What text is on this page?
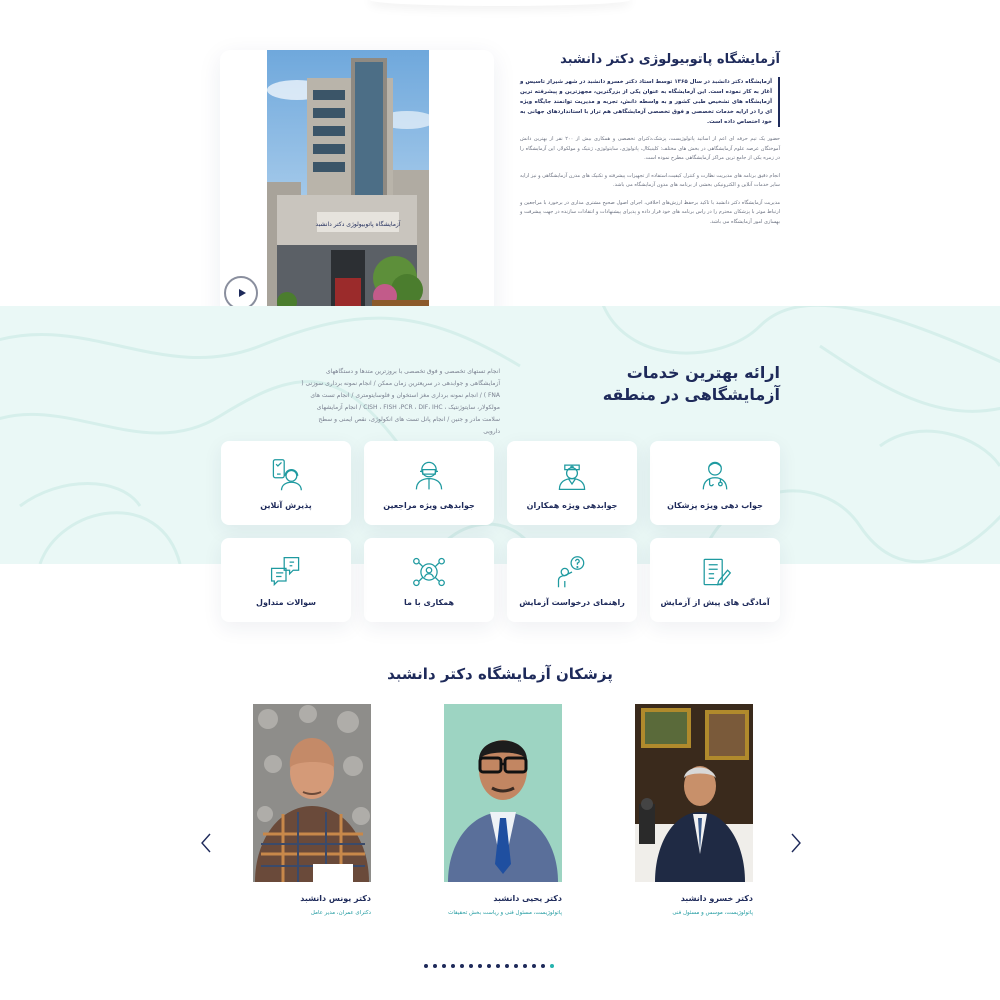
آزمایشگاه پاتوبیولوژی دکتر دانشبد
آزمایشگاه پاتوبیولوژی دکتر دانشبد
آزمایشگاه دکتر دانشبد در سال ۱۳۶۵ توسط استاد دکتر خسرو دانشبد در شهر شیراز تاسیس و آغاز به کار نموده است. این آزمایشگاه به عنوان یکی از بزرگترین، مجهزترین و پیشرفته ترین آزمایشگاه های تشخیص طبی کشور و به واسطه دانش، تجربه و مدیریت توانمند جایگاه ویژه ای را در ارایه خدمات تخصصی و فوق تخصصی آزمایشگاهی هم تراز با استانداردهای جهانی به خود اختصاص داده است.
حضور یک تیم حرفه ای اعم از اساتید پاتولوژیست، پزشک،دکترای تخصصی و همکاری بیش از ۲۰۰ نفر از بهترین دانش آموختگان عرصه علوم آزمایشگاهی در بخش های مختلف: کلینیکال، پاتولوژی، سایتولوژی، ژنتیک و مولکولار، این آزمایشگاه را در زمره یکی از جامع ترین مراکز آزمایشگاهی مطرح نموده است.
انجام دقیق برنامه های مدیریت نظارت و کنترل کیفیت،استفاده از تجهیزات پیشرفته و تکنیک های مدرن آزمایشگاهی و نیز ارایه سایر خدمات آنلاین و الکترونیکی بخشی از برنامه های مدون آزمایشگاه می باشد.
مدیریت آزمایشگاه دکتر دانشبد با تاکید برحفظ ارزش‌های اخلاقی، اجرای اصول صحیح مشتری مداری در برخورد با مراجعین و ارتباط موثر با پزشکان محترم را در راس برنامه های خود قرار داده و پذیرای پیشنهادات و انتقادات سازنده در جهت پیشرفت و بهسازی امور آزمایشگاه می باشد.
ارائه بهترین خدمات آزمایشگاهی در منطقه
انجام تستهای تخصصی و فوق تخصصی با بروزترین متدها و دستگاههای آزمایشگاهی و جوابدهی در سریعترین زمان ممکن / انجام نمونه برداری سوزنی ( FNA ) / انجام نمونه برداری مغز استخوان و فلوسایتومتری / انجام تست های مولکولار، سایتوژنتیک ، CISH ، FISH ،PCR ، DIF، IHC / انجام آزمایشهای سلامت مادر و جنین / انجام پانل تست های انکولوژی، نقص ایمنی و سطح دارویی
جواب دهی ویژه پزشکان
جوابدهی ویژه همکاران
جوابدهی ویژه مراجعین
پذیرش آنلاین
آمادگی های پیش از آزمایش
راهنمای درخواست آزمایش
همکاری با ما
سوالات متداول
پزشکان آزمایشگاه دکتر دانشبد
دکتر خسرو دانشبد
پاتولوژیست، موسس و مسئول فنی
دکتر یحیی دانشبد
پاتولوژیست، مسئول فنی و ریاست بخش تحقیقات
دکتر یونس دانشبد
دکترای عمران، مدیر عامل
